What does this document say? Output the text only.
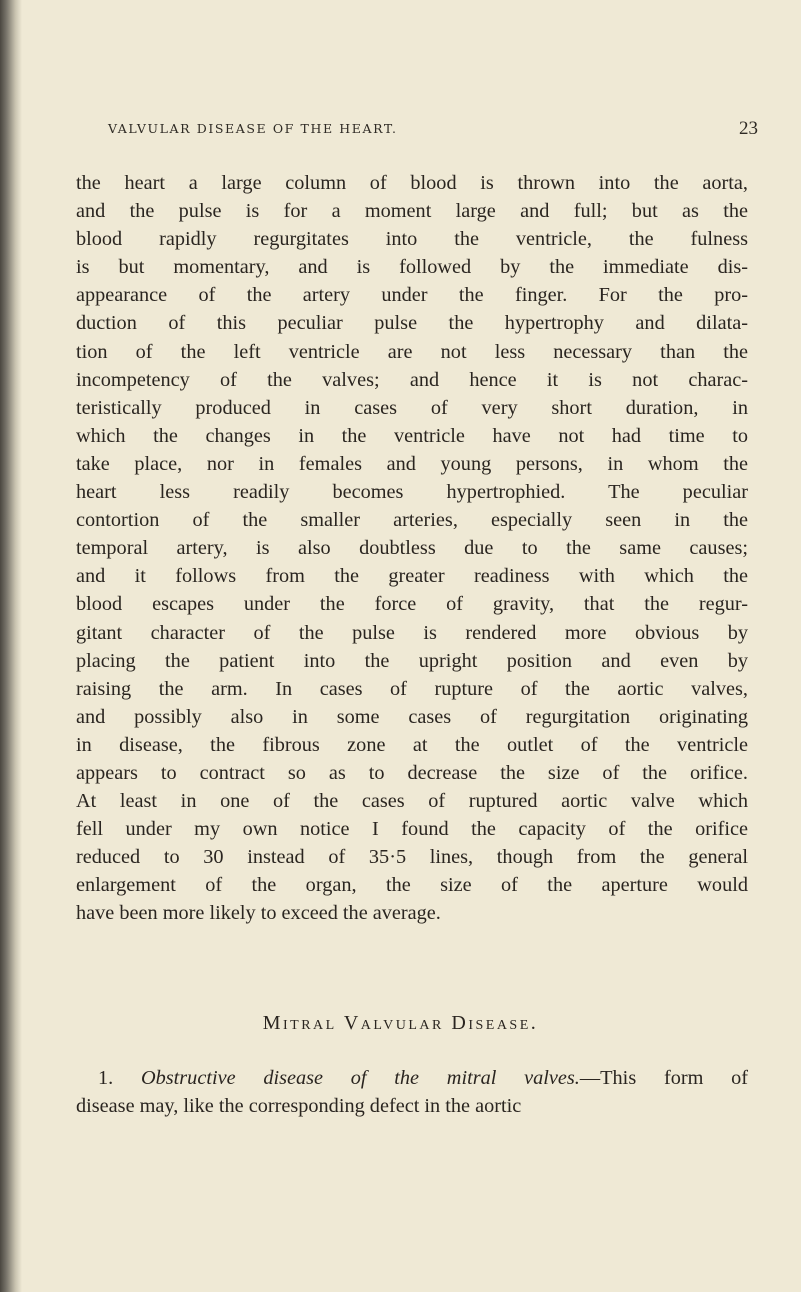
VALVULAR DISEASE OF THE HEART.	23
the heart a large column of blood is thrown into the aorta,
and the pulse is for a moment large and full; but as the
blood rapidly regurgitates into the ventricle, the fulness
is but momentary, and is followed by the immediate dis-
appearance of the artery under the finger. For the pro-
duction of this peculiar pulse the hypertrophy and dilata-
tion of the left ventricle are not less necessary than the
incompetency of the valves; and hence it is not charac-
teristically produced in cases of very short duration, in
which the changes in the ventricle have not had time to
take place, nor in females and young persons, in whom the
heart less readily becomes hypertrophied. The peculiar
contortion of the smaller arteries, especially seen in the
temporal artery, is also doubtless due to the same causes;
and it follows from the greater readiness with which the
blood escapes under the force of gravity, that the regur-
gitant character of the pulse is rendered more obvious by
placing the patient into the upright position and even by
raising the arm. In cases of rupture of the aortic valves,
and possibly also in some cases of regurgitation originating
in disease, the fibrous zone at the outlet of the ventricle
appears to contract so as to decrease the size of the orifice.
At least in one of the cases of ruptured aortic valve which
fell under my own notice I found the capacity of the orifice
reduced to 30 instead of 35·5 lines, though from the general
enlargement of the organ, the size of the aperture would
have been more likely to exceed the average.
Mitral Valvular Disease.
1. Obstructive disease of the mitral valves.—This form of
disease may, like the corresponding defect in the aortic
